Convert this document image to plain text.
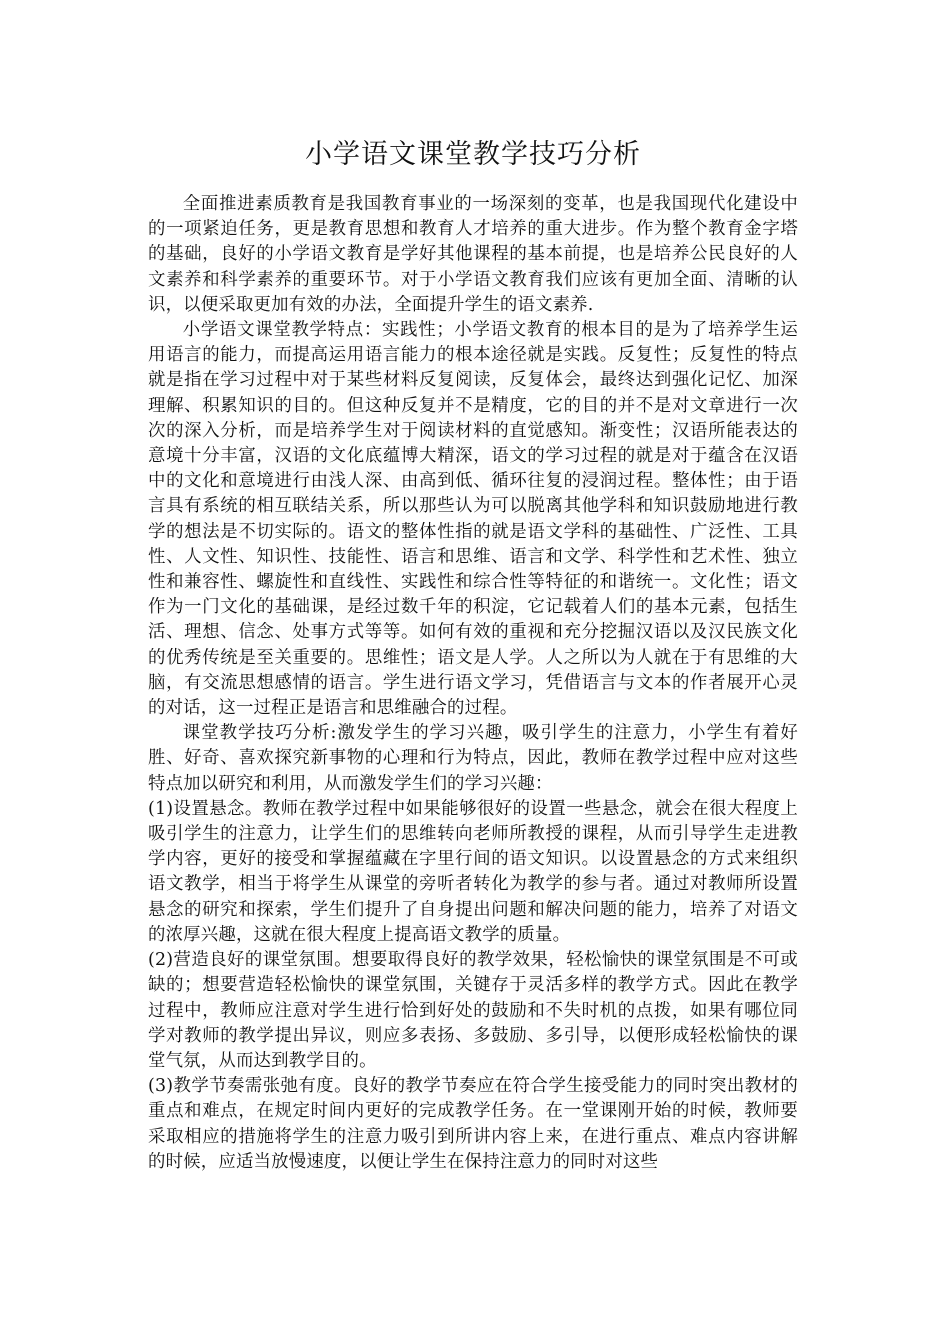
小学语文课堂教学技巧分析

全面推进素质教育是我国教育事业的一场深刻的变革，也是我国现代化建设中的一项紧迫任务，更是教育思想和教育人才培养的重大进步。作为整个教育金字塔的基础，良好的小学语文教育是学好其他课程的基本前提，也是培养公民良好的人文素养和科学素养的重要环节。对于小学语文教育我们应该有更加全面、清晰的认识，以便采取更加有效的办法，全面提升学生的语文素养.

小学语文课堂教学特点：实践性；小学语文教育的根本目的是为了培养学生运用语言的能力，而提高运用语言能力的根本途径就是实践。反复性；反复性的特点就是指在学习过程中对于某些材料反复阅读，反复体会，最终达到强化记忆、加深理解、积累知识的目的。但这种反复并不是精度，它的目的并不是对文章进行一次次的深入分析，而是培养学生对于阅读材料的直觉感知。渐变性；汉语所能表达的意境十分丰富，汉语的文化底蕴博大精深，语文的学习过程的就是对于蕴含在汉语中的文化和意境进行由浅人深、由高到低、循环往复的浸润过程。整体性；由于语言具有系统的相互联结关系，所以那些认为可以脱离其他学科和知识鼓励地进行教学的想法是不切实际的。语文的整体性指的就是语文学科的基础性、广泛性、工具性、人文性、知识性、技能性、语言和思维、语言和文学、科学性和艺术性、独立性和兼容性、螺旋性和直线性、实践性和综合性等特征的和谐统一。文化性；语文作为一门文化的基础课，是经过数千年的积淀，它记载着人们的基本元素，包括生活、理想、信念、处事方式等等。如何有效的重视和充分挖掘汉语以及汉民族文化的优秀传统是至关重要的。思维性；语文是人学。人之所以为人就在于有思维的大脑，有交流思想感情的语言。学生进行语文学习，凭借语言与文本的作者展开心灵的对话，这一过程正是语言和思维融合的过程。

课堂教学技巧分析:激发学生的学习兴趣，吸引学生的注意力，小学生有着好胜、好奇、喜欢探究新事物的心理和行为特点，因此，教师在教学过程中应对这些特点加以研究和利用，从而激发学生们的学习兴趣：

(1)设置悬念。教师在教学过程中如果能够很好的设置一些悬念，就会在很大程度上吸引学生的注意力，让学生们的思维转向老师所教授的课程，从而引导学生走进教学内容，更好的接受和掌握蕴藏在字里行间的语文知识。以设置悬念的方式来组织语文教学，相当于将学生从课堂的旁听者转化为教学的参与者。通过对教师所设置悬念的研究和探索，学生们提升了自身提出问题和解决问题的能力，培养了对语文的浓厚兴趣，这就在很大程度上提高语文教学的质量。

(2)营造良好的课堂氛围。想要取得良好的教学效果，轻松愉快的课堂氛围是不可或缺的；想要营造轻松愉快的课堂氛围，关键存于灵活多样的教学方式。因此在教学过程中，教师应注意对学生进行恰到好处的鼓励和不失时机的点拨，如果有哪位同学对教师的教学提出异议，则应多表扬、多鼓励、多引导，以便形成轻松愉快的课堂气氛，从而达到教学目的。

(3)教学节奏需张弛有度。良好的教学节奏应在符合学生接受能力的同时突出教材的重点和难点，在规定时间内更好的完成教学任务。在一堂课刚开始的时候，教师要采取相应的措施将学生的注意力吸引到所讲内容上来，在进行重点、难点内容讲解的时候，应适当放慢速度，以便让学生在保持注意力的同时对这些
